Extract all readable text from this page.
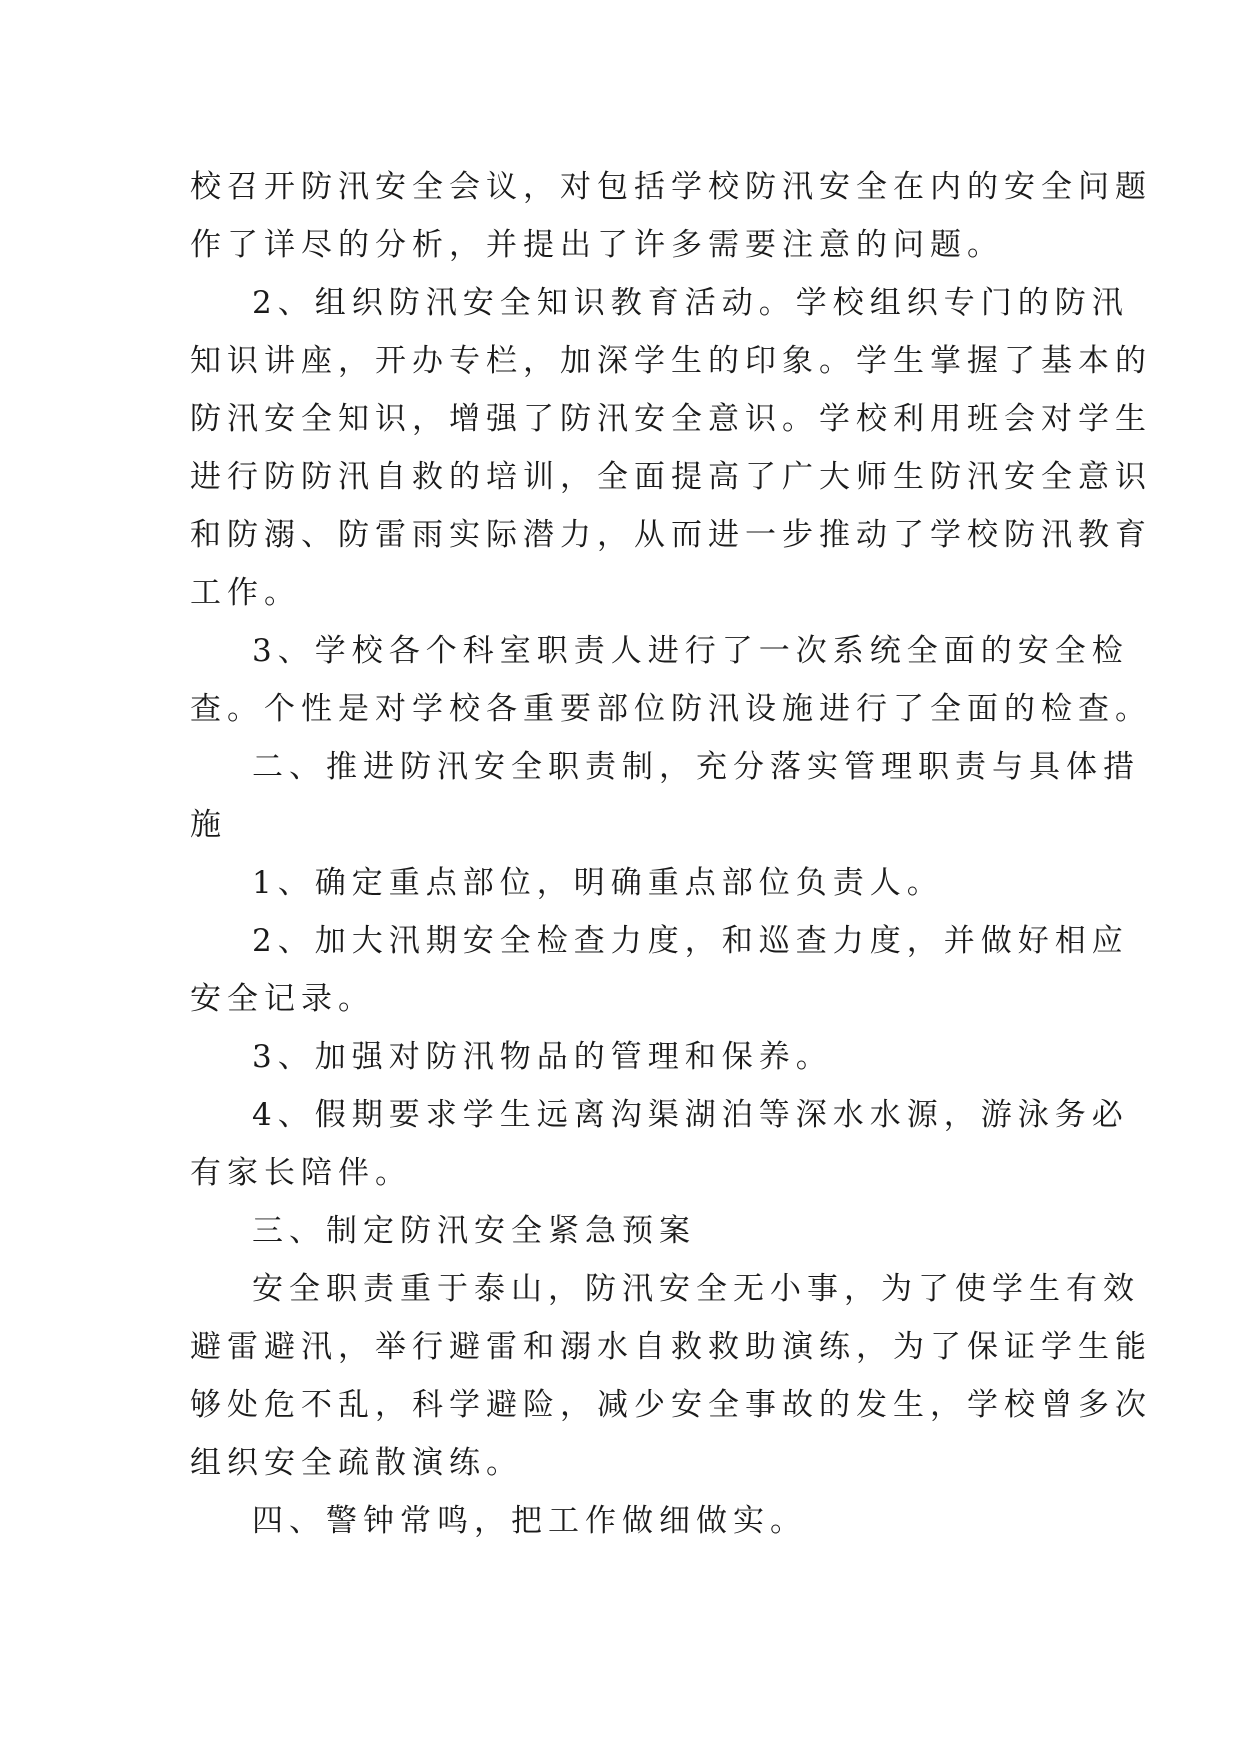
校召开防汛安全会议，对包括学校防汛安全在内的安全问题
作了详尽的分析，并提出了许多需要注意的问题。
2、组织防汛安全知识教育活动。学校组织专门的防汛
知识讲座，开办专栏，加深学生的印象。学生掌握了基本的
防汛安全知识，增强了防汛安全意识。学校利用班会对学生
进行防防汛自救的培训，全面提高了广大师生防汛安全意识
和防溺、防雷雨实际潜力，从而进一步推动了学校防汛教育
工作。
3、学校各个科室职责人进行了一次系统全面的安全检
查。个性是对学校各重要部位防汛设施进行了全面的检查。
二、推进防汛安全职责制，充分落实管理职责与具体措
施
1、确定重点部位，明确重点部位负责人。
2、加大汛期安全检查力度，和巡查力度，并做好相应
安全记录。
3、加强对防汛物品的管理和保养。
4、假期要求学生远离沟渠湖泊等深水水源，游泳务必
有家长陪伴。
三、制定防汛安全紧急预案
安全职责重于泰山，防汛安全无小事，为了使学生有效
避雷避汛，举行避雷和溺水自救救助演练，为了保证学生能
够处危不乱，科学避险，减少安全事故的发生，学校曾多次
组织安全疏散演练。
四、警钟常鸣，把工作做细做实。
